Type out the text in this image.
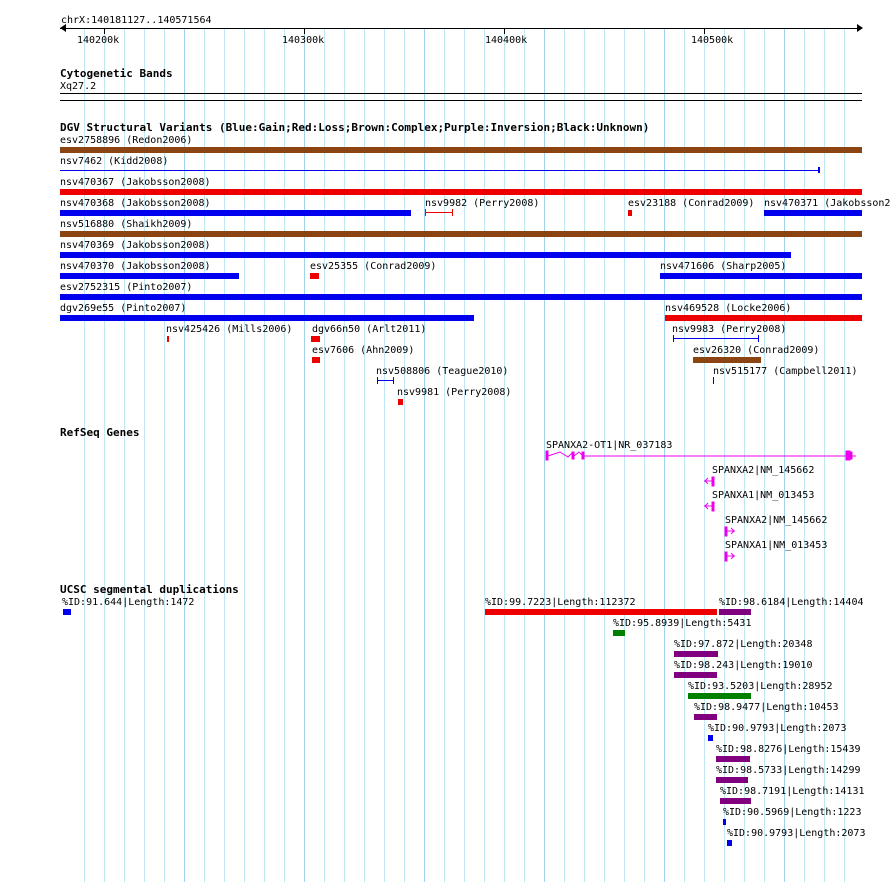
chrX:140181127..140571564
140200k	140300k	140400k	140500k
Cytogenetic Bands
Xq27.2
DGV Structural Variants (Blue:Gain;Red:Loss;Brown:Complex;Purple:Inversion;Black:Unknown)
esv2758896 (Redon2006)
nsv7462 (Kidd2008)
nsv470367 (Jakobsson2008)
nsv470368 (Jakobsson2008)	nsv9982 (Perry2008)	esv23188 (Conrad2009) nsv470371 (Jakobsson2
nsv516880 (Shaikh2009)
nsv470369 (Jakobsson2008)
nsv470370 (Jakobsson2008)	esv25355 (Conrad2009)	nsv471606 (Sharp2005)
esv2752315 (Pinto2007)
dgv269e55 (Pinto2007)	nsv469528 (Locke2006)
nsv425426 (Mills2006) dgv66n50 (Arlt2011)	nsv9983 (Perry2008)
esv7606 (Ahn2009)	esv26320 (Conrad2009)
nsv508806 (Teague2010)	nsv515177 (Campbell2011)
nsv9981 (Perry2008)
RefSeq Genes
SPANXA2-OT1|NR_037183
SPANXA2|NM_145662
SPANXA1|NM_013453
SPANXA2|NM_145662
SPANXA1|NM_013453
UCSC segmental duplications
%ID:91.644|Length:1472	%ID:99.7223|Length:112372	%ID:98.6184|Length:14404
%ID:95.8939|Length:5431
%ID:97.872|Length:20348
%ID:98.243|Length:19010
%ID:93.5203|Length:28952
%ID:98.9477|Length:10453
%ID:90.9793|Length:2073
%ID:98.8276|Length:15439
%ID:98.5733|Length:14299
%ID:98.7191|Length:14131
%ID:90.5969|Length:1223
%ID:90.9793|Length:2073
